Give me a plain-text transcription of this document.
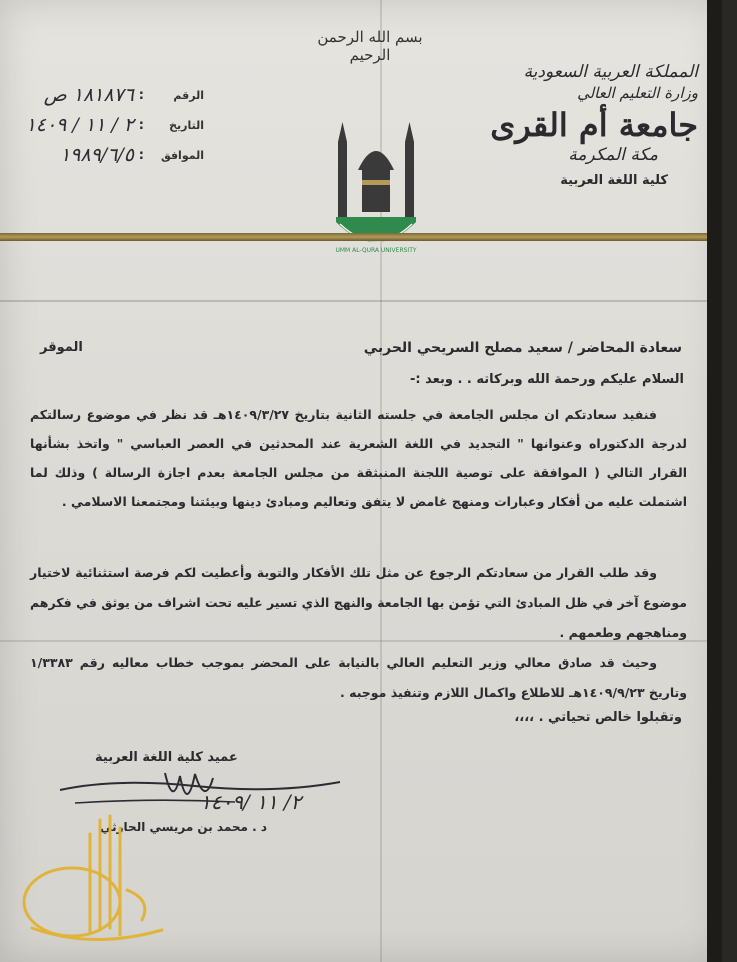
بسم الله الرحمن الرحيم
المملكة العربية السعودية
وزارة التعليم العالي
جامعة أم القرى
مكة المكرمة
كلية اللغة العربية
الرقم
:
١٨١٨٧٦ ص
التاريخ
:
٢ / ١١ / ١٤٠٩
الموافق
:
١٩٨٩/٦/٥
UMM AL-QURA UNIVERSITY
سعادة المحاضر / سعيد مصلح السريحي الحربي
الموقر
السلام عليكم ورحمة الله وبركاته . . وبعد :-

فنفيد سعادتكم ان مجلس الجامعة في جلسته الثانية بتاريخ ١٤٠٩/٣/٢٧هـ قد نظر في موضوع رسالتكم لدرجة الدكتوراه وعنوانها " التجديد في اللغة الشعرية عند المحدثين في العصر العباسي " واتخذ بشأنها القرار التالي ( الموافقة على توصية اللجنة المنبثقة من مجلس الجامعة بعدم اجازة الرسالة ) وذلك لما اشتملت عليه من أفكار وعبارات ومنهج غامض لا يتفق وتعاليم ومبادئ دينها وبيئتنا ومجتمعنا الاسلامي .

وقد طلب القرار من سعادتكم الرجوع عن مثل تلك الأفكار والتوبة وأعطيت لكم فرصة استثنائية لاختيار موضوع آخر في ظل المبادئ التي تؤمن بها الجامعة والنهج الذي تسير عليه تحت اشراف من يوثق في فكرهم ومناهجهم وطعمهم .

وحيث قد صادق معالي وزير التعليم العالي بالنيابة على المحضر بموجب خطاب معاليه رقم ١/٣٣٨٣ وتاريخ ١٤٠٩/٩/٢٣هـ للاطلاع واكمال اللازم وتنفيذ موجبه .

وتقبلوا خالص تحياتي . ،،،،
عميد كلية اللغة العربية
٢/ ١١ /١٤٠٩
د . محمد بن مريسي الحارثي
